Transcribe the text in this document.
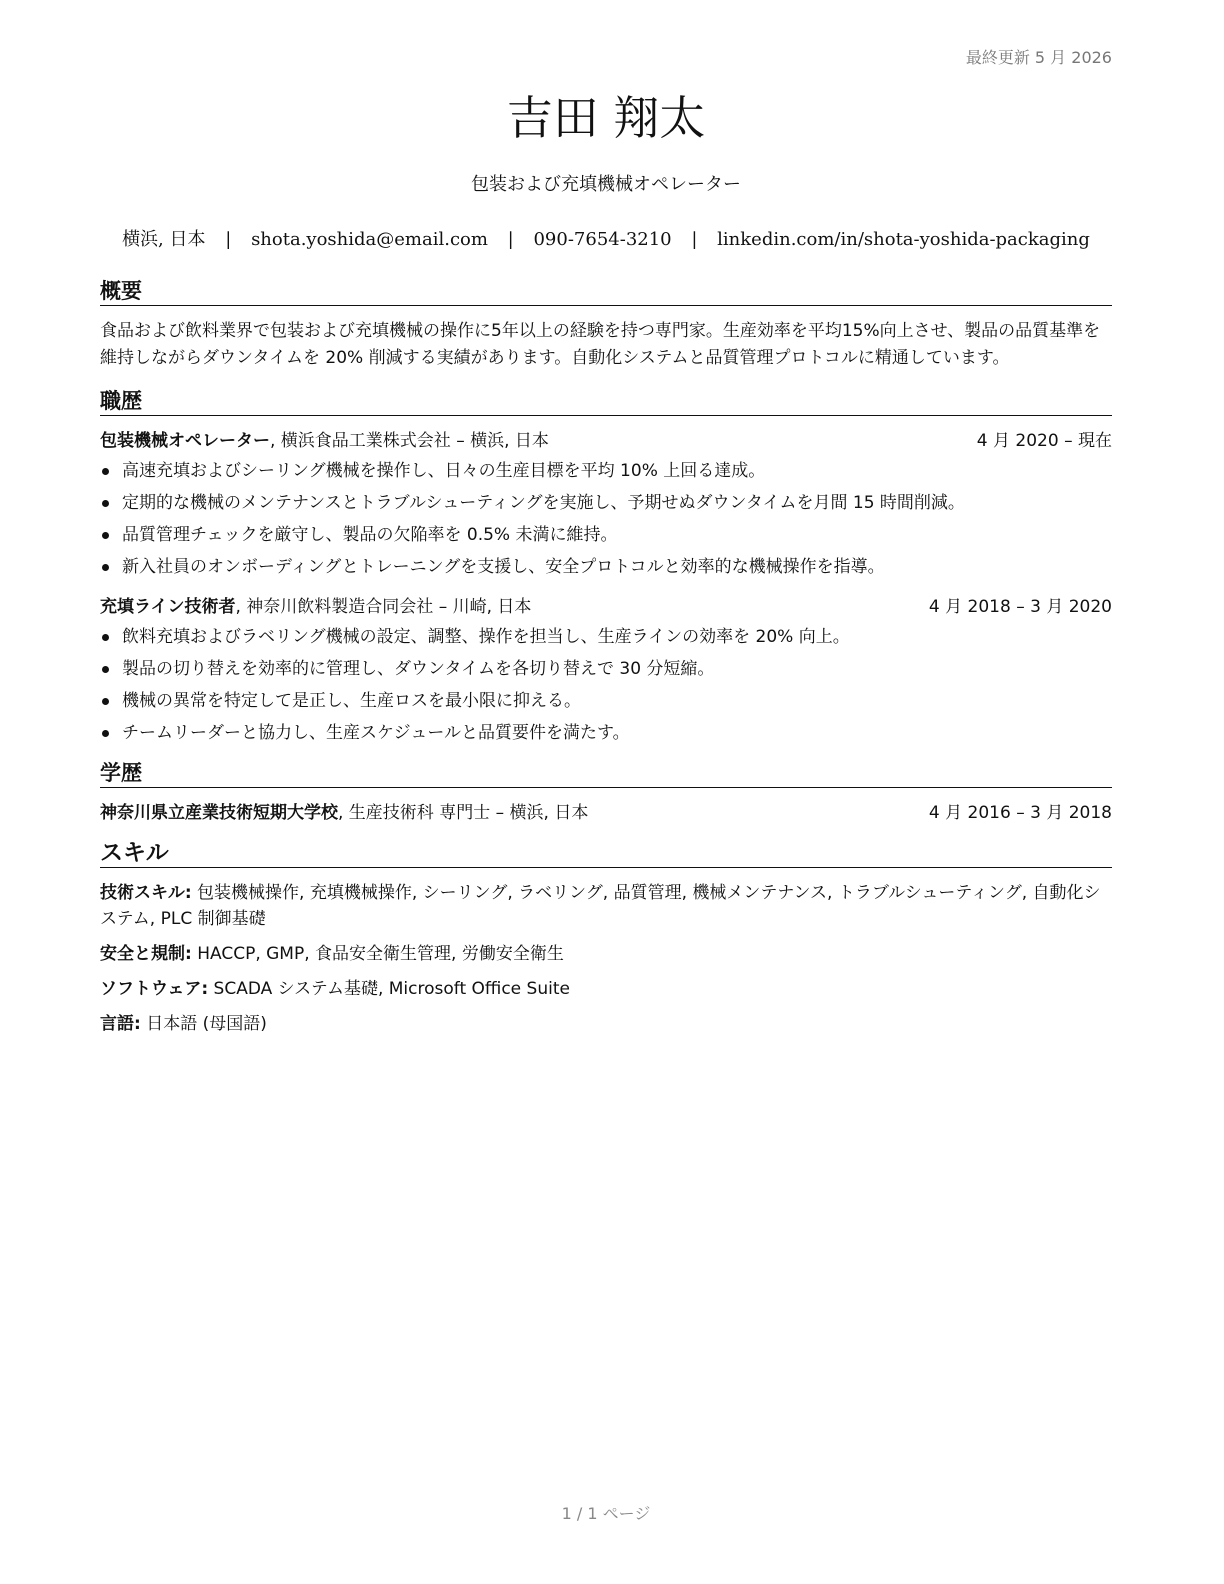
最終更新 5 月 2026
吉田 翔太
包装および充填機械オペレーター
横浜, 日本 | shota.yoshida@email.com | 090-7654-3210 | linkedin.com/in/shota-yoshida-packaging
概要

食品および飲料業界で包装および充填機械の操作に5年以上の経験を持つ専門家。生産効率を平均15%向上させ、製品の品質基準を維持しながらダウンタイムを 20% 削減する実績があります。自動化システムと品質管理プロトコルに精通しています。

職歴
包装機械オペレーター, 横浜食品工業株式会社 – 横浜, 日本	4 月 2020 – 現在
高速充填およびシーリング機械を操作し、日々の生産目標を平均 10% 上回る達成。
定期的な機械のメンテナンスとトラブルシューティングを実施し、予期せぬダウンタイムを月間 15 時間削減。
品質管理チェックを厳守し、製品の欠陥率を 0.5% 未満に維持。
新入社員のオンボーディングとトレーニングを支援し、安全プロトコルと効率的な機械操作を指導。
充填ライン技術者, 神奈川飲料製造合同会社 – 川崎, 日本	4 月 2018 – 3 月 2020
飲料充填およびラベリング機械の設定、調整、操作を担当し、生産ラインの効率を 20% 向上。
製品の切り替えを効率的に管理し、ダウンタイムを各切り替えで 30 分短縮。
機械の異常を特定して是正し、生産ロスを最小限に抑える。
チームリーダーと協力し、生産スケジュールと品質要件を満たす。
学歴
神奈川県立産業技術短期大学校, 生産技術科 専門士 – 横浜, 日本	4 月 2016 – 3 月 2018
スキル
技術スキル: 包装機械操作, 充填機械操作, シーリング, ラベリング, 品質管理, 機械メンテナンス, トラブルシューティング, 自動化システム, PLC 制御基礎
安全と規制: HACCP, GMP, 食品安全衛生管理, 労働安全衛生
ソフトウェア: SCADA システム基礎, Microsoft Office Suite
言語: 日本語 (母国語)
1 / 1 ページ
